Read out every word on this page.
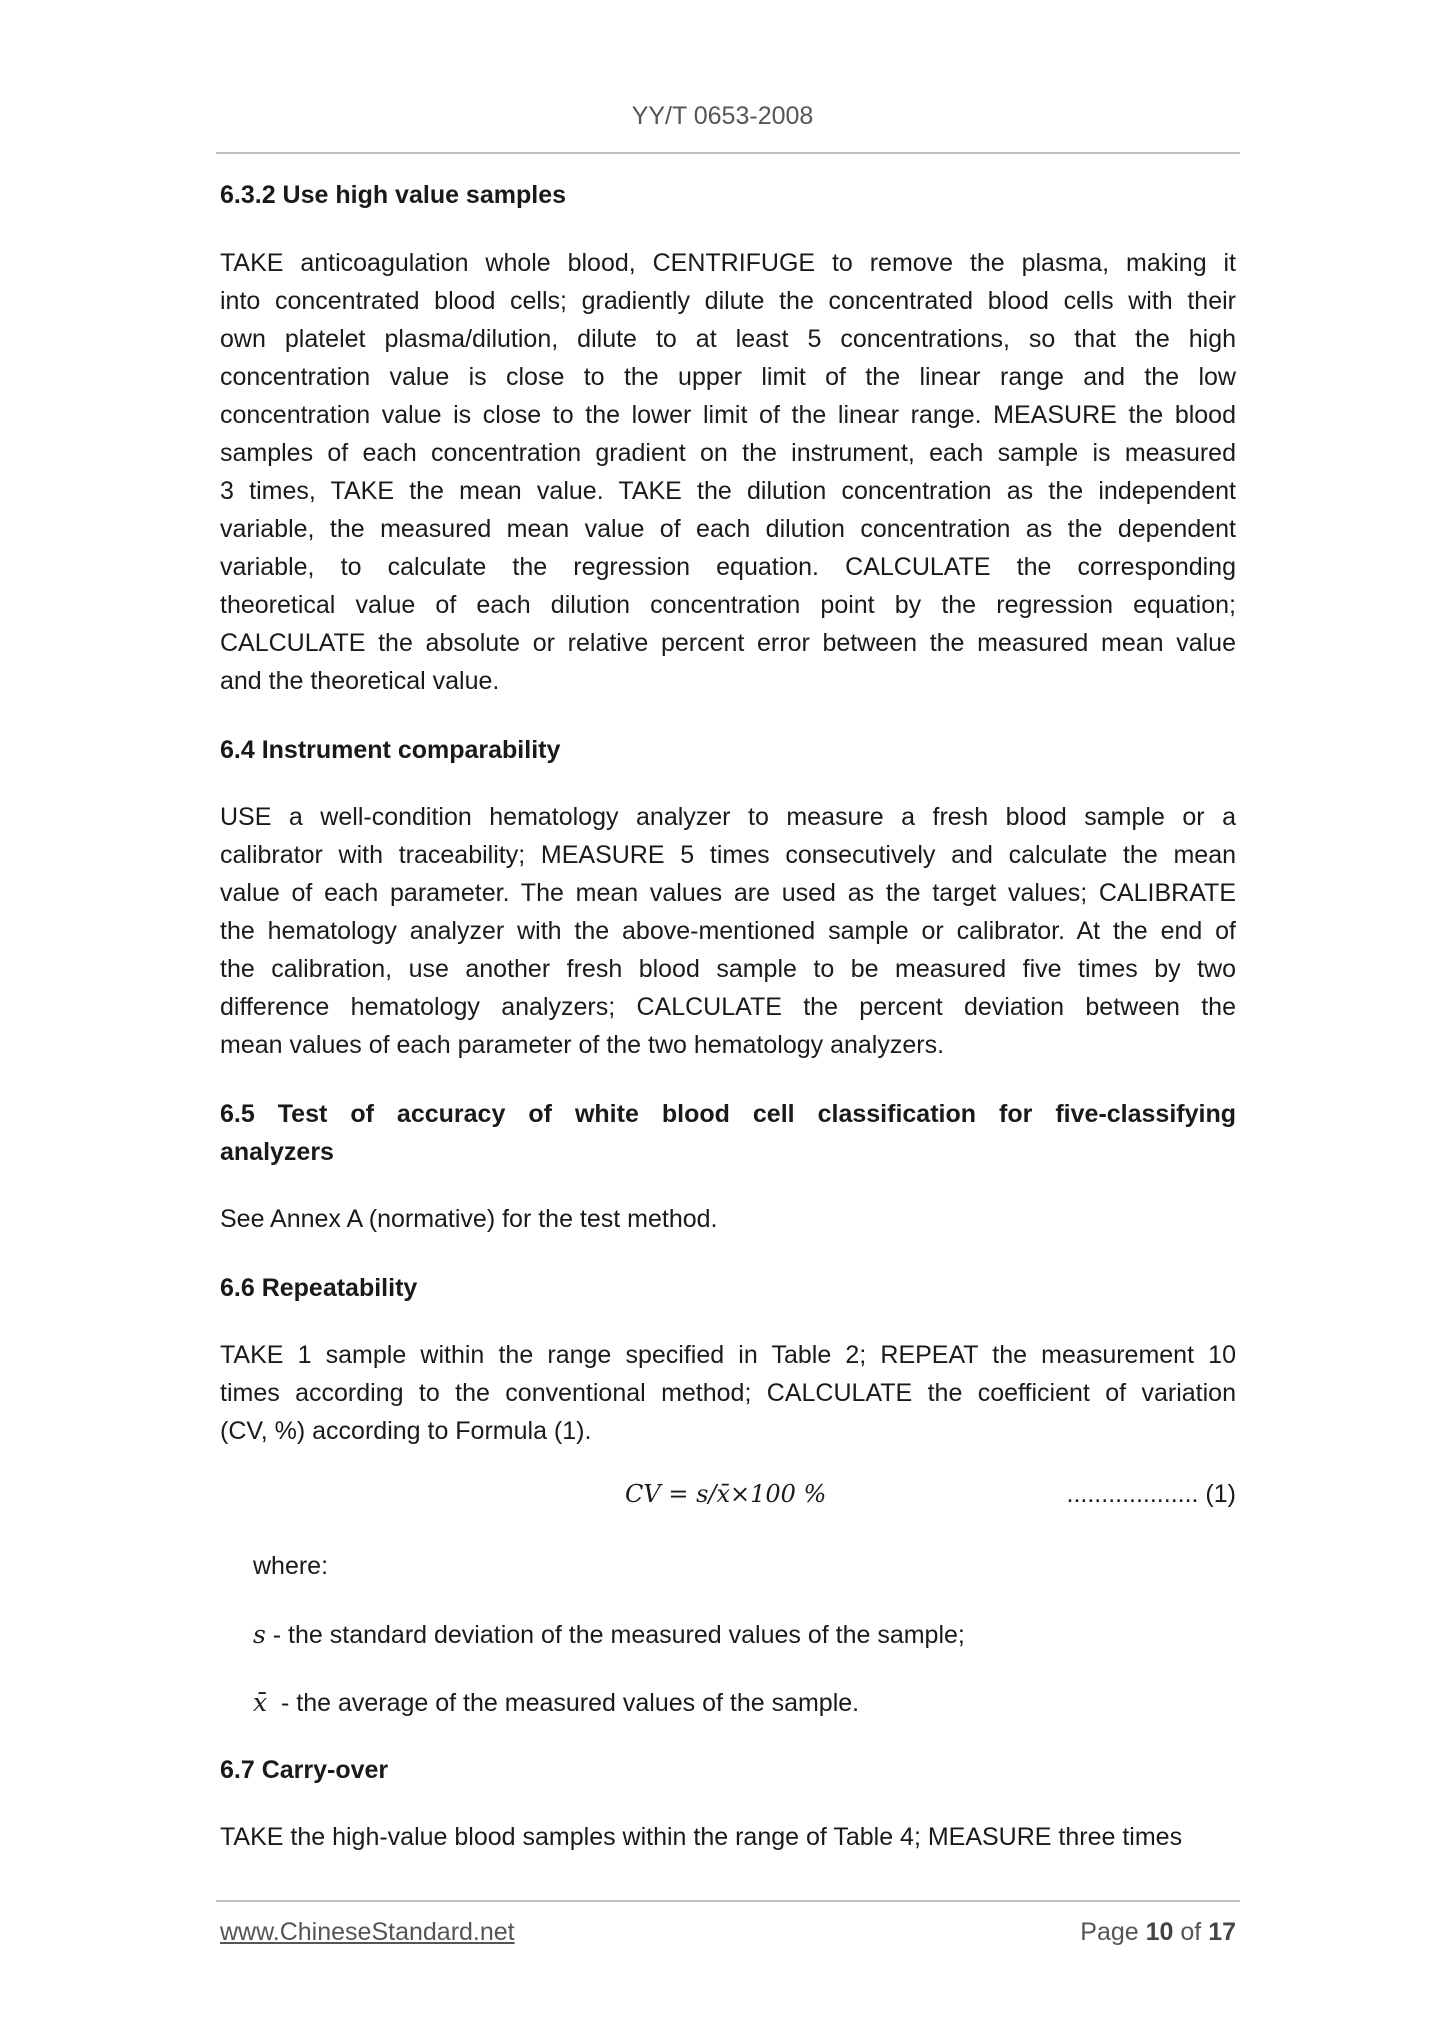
YY/T 0653-2008
6.3.2 Use high value samples
TAKE anticoagulation whole blood, CENTRIFUGE to remove the plasma, making it
into concentrated blood cells; gradiently dilute the concentrated blood cells with their
own platelet plasma/dilution, dilute to at least 5 concentrations, so that the high
concentration value is close to the upper limit of the linear range and the low
concentration value is close to the lower limit of the linear range. MEASURE the blood
samples of each concentration gradient on the instrument, each sample is measured
3 times, TAKE the mean value. TAKE the dilution concentration as the independent
variable, the measured mean value of each dilution concentration as the dependent
variable, to calculate the regression equation. CALCULATE the corresponding
theoretical value of each dilution concentration point by the regression equation;
CALCULATE the absolute or relative percent error between the measured mean value
and the theoretical value.
6.4 Instrument comparability
USE a well-condition hematology analyzer to measure a fresh blood sample or a
calibrator with traceability; MEASURE 5 times consecutively and calculate the mean
value of each parameter. The mean values are used as the target values; CALIBRATE
the hematology analyzer with the above-mentioned sample or calibrator. At the end of
the calibration, use another fresh blood sample to be measured five times by two
difference hematology analyzers; CALCULATE the percent deviation between the
mean values of each parameter of the two hematology analyzers.
6.5 Test of accuracy of white blood cell classification for five-classifying
analyzers
See Annex A (normative) for the test method.
6.6 Repeatability
TAKE 1 sample within the range specified in Table 2; REPEAT the measurement 10
times according to the conventional method; CALCULATE the coefficient of variation
(CV, %) according to Formula (1).
CV = s/x̄×100 %	................... (1)
where:
s - the standard deviation of the measured values of the sample;
x̄  - the average of the measured values of the sample.
6.7 Carry-over
TAKE the high-value blood samples within the range of Table 4; MEASURE three times
www.ChineseStandard.net	Page 10 of 17
